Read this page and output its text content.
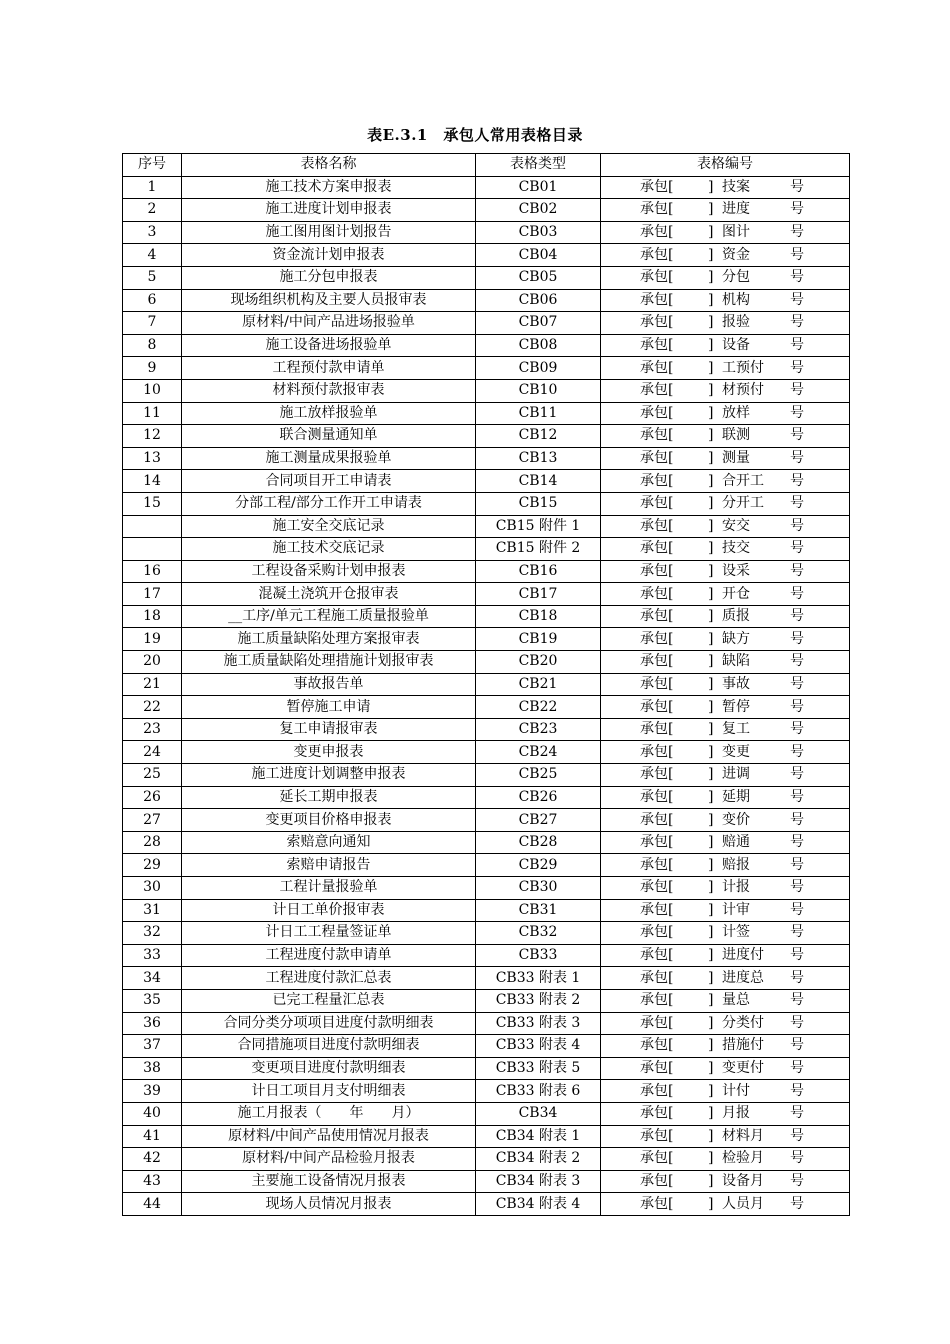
表E.3.1　承包人常用表格目录
序号	表格名称	表格类型	表格编号
1	施工技术方案申报表	CB01	承包[ ] 技案 号

2	施工进度计划申报表	CB02	承包[ ] 进度 号

3	施工图用图计划报告	CB03	承包[ ] 图计 号

4	资金流计划申报表	CB04	承包[ ] 资金 号

5	施工分包申报表	CB05	承包[ ] 分包 号

6	现场组织机构及主要人员报审表	CB06	承包[ ] 机构 号

7	原材料/中间产品进场报验单	CB07	承包[ ] 报验 号

8	施工设备进场报验单	CB08	承包[ ] 设备 号

9	工程预付款申请单	CB09	承包[ ] 工预付 号

10	材料预付款报审表	CB10	承包[ ] 材预付 号

11	施工放样报验单	CB11	承包[ ] 放样 号

12	联合测量通知单	CB12	承包[ ] 联测 号

13	施工测量成果报验单	CB13	承包[ ] 测量 号

14	合同项目开工申请表	CB14	承包[ ] 合开工 号

15	分部工程/部分工作开工申请表	CB15	承包[ ] 分开工 号

	施工安全交底记录	CB15 附件 1	承包[ ] 安交 号

	施工技术交底记录	CB15 附件 2	承包[ ] 技交 号

16	工程设备采购计划申报表	CB16	承包[ ] 设采 号

17	混凝土浇筑开仓报审表	CB17	承包[ ] 开仓 号

18	__工序/单元工程施工质量报验单	CB18	承包[ ] 质报 号

19	施工质量缺陷处理方案报审表	CB19	承包[ ] 缺方 号

20	施工质量缺陷处理措施计划报审表	CB20	承包[ ] 缺陷 号

21	事故报告单	CB21	承包[ ] 事故 号

22	暂停施工申请	CB22	承包[ ] 暂停 号

23	复工申请报审表	CB23	承包[ ] 复工 号

24	变更申报表	CB24	承包[ ] 变更 号

25	施工进度计划调整申报表	CB25	承包[ ] 进调 号

26	延长工期申报表	CB26	承包[ ] 延期 号

27	变更项目价格申报表	CB27	承包[ ] 变价 号

28	索赔意向通知	CB28	承包[ ] 赔通 号

29	索赔申请报告	CB29	承包[ ] 赔报 号

30	工程计量报验单	CB30	承包[ ] 计报 号

31	计日工单价报审表	CB31	承包[ ] 计审 号

32	计日工工程量签证单	CB32	承包[ ] 计签 号

33	工程进度付款申请单	CB33	承包[ ] 进度付 号

34	工程进度付款汇总表	CB33 附表 1	承包[ ] 进度总 号

35	已完工程量汇总表	CB33 附表 2	承包[ ] 量总 号

36	合同分类分项项目进度付款明细表	CB33 附表 3	承包[ ] 分类付 号

37	合同措施项目进度付款明细表	CB33 附表 4	承包[ ] 措施付 号

38	变更项目进度付款明细表	CB33 附表 5	承包[ ] 变更付 号

39	计日工项目月支付明细表	CB33 附表 6	承包[ ] 计付 号

40	施工月报表（　　年　　月）	CB34	承包[ ] 月报 号

41	原材料/中间产品使用情况月报表	CB34 附表 1	承包[ ] 材料月 号

42	原材料/中间产品检验月报表	CB34 附表 2	承包[ ] 检验月 号

43	主要施工设备情况月报表	CB34 附表 3	承包[ ] 设备月 号

44	现场人员情况月报表	CB34 附表 4	承包[ ] 人员月 号
